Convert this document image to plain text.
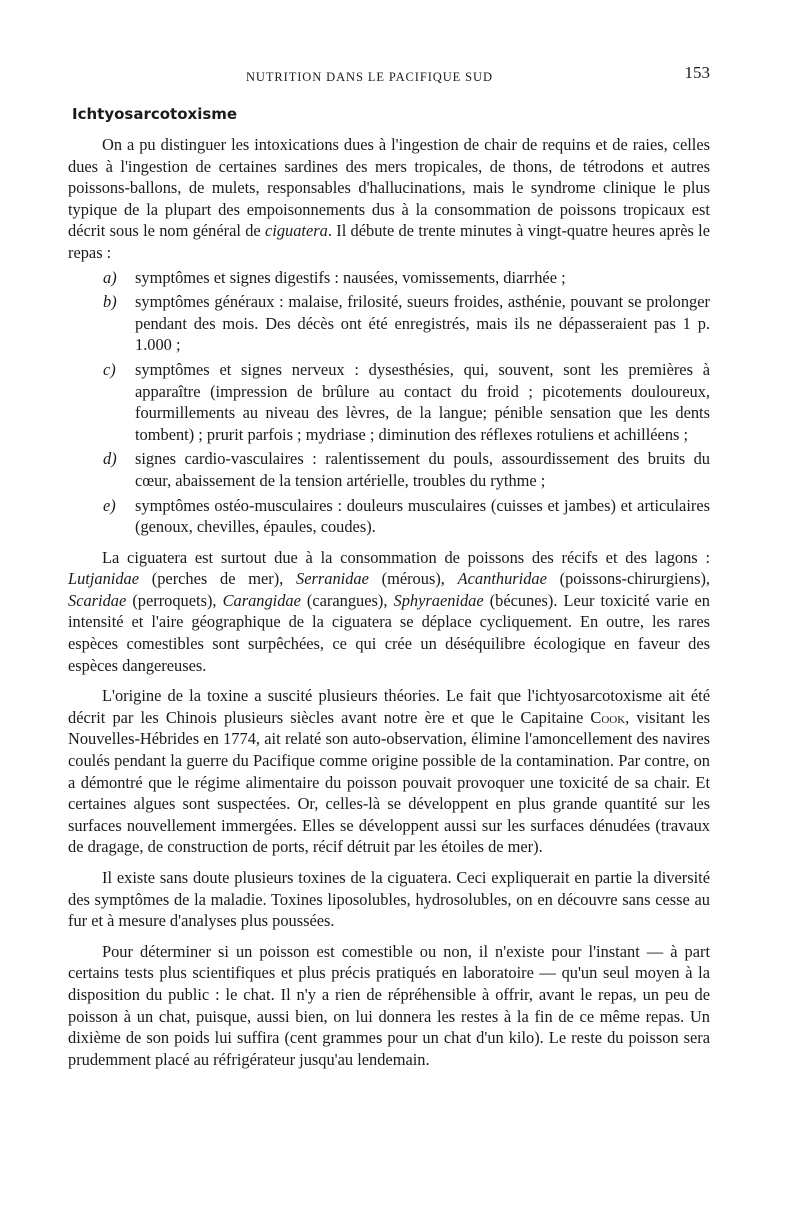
NUTRITION DANS LE PACIFIQUE SUD	153
Ichtyosarcotoxisme

On a pu distinguer les intoxications dues à l'ingestion de chair de requins et de raies, celles dues à l'ingestion de certaines sardines des mers tropicales, de thons, de tétrodons et autres poissons-ballons, de mulets, responsables d'hallucinations, mais le syndrome clinique le plus typique de la plupart des empoisonnements dus à la consommation de poissons tropicaux est décrit sous le nom général de ciguatera. Il débute de trente minutes à vingt-quatre heures après le repas :

a) symptômes et signes digestifs : nausées, vomissements, diarrhée ;
b) symptômes généraux : malaise, frilosité, sueurs froides, asthénie, pouvant se prolonger pendant des mois. Des décès ont été enregistrés, mais ils ne dépasseraient pas 1 p. 1.000 ;
c) symptômes et signes nerveux : dysesthésies, qui, souvent, sont les premières à apparaître (impression de brûlure au contact du froid ; picotements douloureux, fourmillements au niveau des lèvres, de la langue; pénible sensation que les dents tombent) ; prurit parfois ; mydriase ; diminution des réflexes rotuliens et achilléens ;
d) signes cardio-vasculaires : ralentissement du pouls, assourdissement des bruits du cœur, abaissement de la tension artérielle, troubles du rythme ;
e) symptômes ostéo-musculaires : douleurs musculaires (cuisses et jambes) et articulaires (genoux, chevilles, épaules, coudes).

La ciguatera est surtout due à la consommation de poissons des récifs et des lagons : Lutjanidae (perches de mer), Serranidae (mérous), Acanthuridae (poissons-chirurgiens), Scaridae (perroquets), Carangidae (carangues), Sphyraenidae (bécunes). Leur toxicité varie en intensité et l'aire géographique de la ciguatera se déplace cycliquement. En outre, les rares espèces comestibles sont surpêchées, ce qui crée un déséquilibre écologique en faveur des espèces dangereuses.

L'origine de la toxine a suscité plusieurs théories. Le fait que l'ichtyosarcotoxisme ait été décrit par les Chinois plusieurs siècles avant notre ère et que le Capitaine Cook, visitant les Nouvelles-Hébrides en 1774, ait relaté son auto-observation, élimine l'amoncellement des navires coulés pendant la guerre du Pacifique comme origine possible de la contamination. Par contre, on a démontré que le régime alimentaire du poisson pouvait provoquer une toxicité de sa chair. Et certaines algues sont suspectées. Or, celles-là se développent en plus grande quantité sur les surfaces nouvellement immergées. Elles se développent aussi sur les surfaces dénudées (travaux de dragage, de construction de ports, récif détruit par les étoiles de mer).

Il existe sans doute plusieurs toxines de la ciguatera. Ceci expliquerait en partie la diversité des symptômes de la maladie. Toxines liposolubles, hydrosolubles, on en découvre sans cesse au fur et à mesure d'analyses plus poussées.

Pour déterminer si un poisson est comestible ou non, il n'existe pour l'instant — à part certains tests plus scientifiques et plus précis pratiqués en laboratoire — qu'un seul moyen à la disposition du public : le chat. Il n'y a rien de répréhensible à offrir, avant le repas, un peu de poisson à un chat, puisque, aussi bien, on lui donnera les restes à la fin de ce même repas. Un dixième de son poids lui suffira (cent grammes pour un chat d'un kilo). Le reste du poisson sera prudemment placé au réfrigérateur jusqu'au lendemain.
